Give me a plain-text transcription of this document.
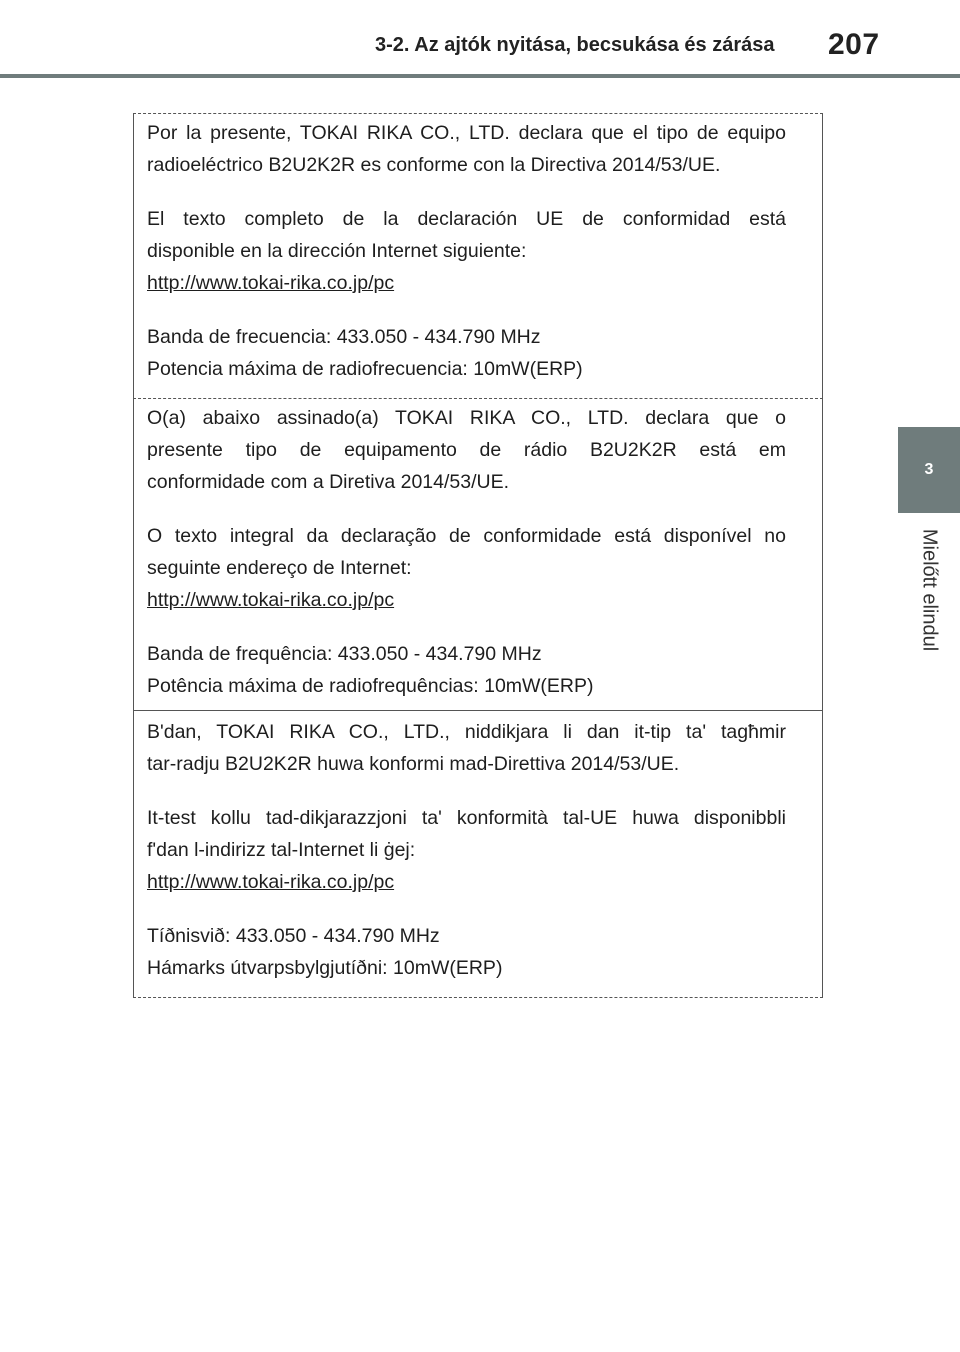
3-2. Az ajtók nyitása, becsukása és zárása 207
3
Mielőtt elindul

Por la presente, TOKAI RIKA CO., LTD. declara que el tipo de equipo

radioeléctrico B2U2K2R es conforme con la Directiva 2014/53/UE.

El texto completo de la declaración UE de conformidad está

disponible en la dirección Internet siguiente:

http://www.tokai-rika.co.jp/pc

Banda de frecuencia: 433.050 - 434.790 MHz

Potencia máxima de radiofrecuencia: 10mW(ERP)

O(a) abaixo assinado(a) TOKAI RIKA CO., LTD. declara que o

presente tipo de equipamento de rádio B2U2K2R está em

conformidade com a Diretiva 2014/53/UE.

O texto integral da declaração de conformidade está disponível no

seguinte endereço de Internet:

http://www.tokai-rika.co.jp/pc

Banda de frequência: 433.050 - 434.790 MHz

Potência máxima de radiofrequências: 10mW(ERP)

B'dan, TOKAI RIKA CO., LTD., niddikjara li dan it-tip ta' tagħmir

tar-radju B2U2K2R huwa konformi mad-Direttiva 2014/53/UE.

It-test kollu tad-dikjarazzjoni ta' konformità tal-UE huwa disponibbli

f'dan l-indirizz tal-Internet li ġej:

http://www.tokai-rika.co.jp/pc

Tíðnisvið: 433.050 - 434.790 MHz

Hámarks útvarpsbylgjutíðni: 10mW(ERP)
